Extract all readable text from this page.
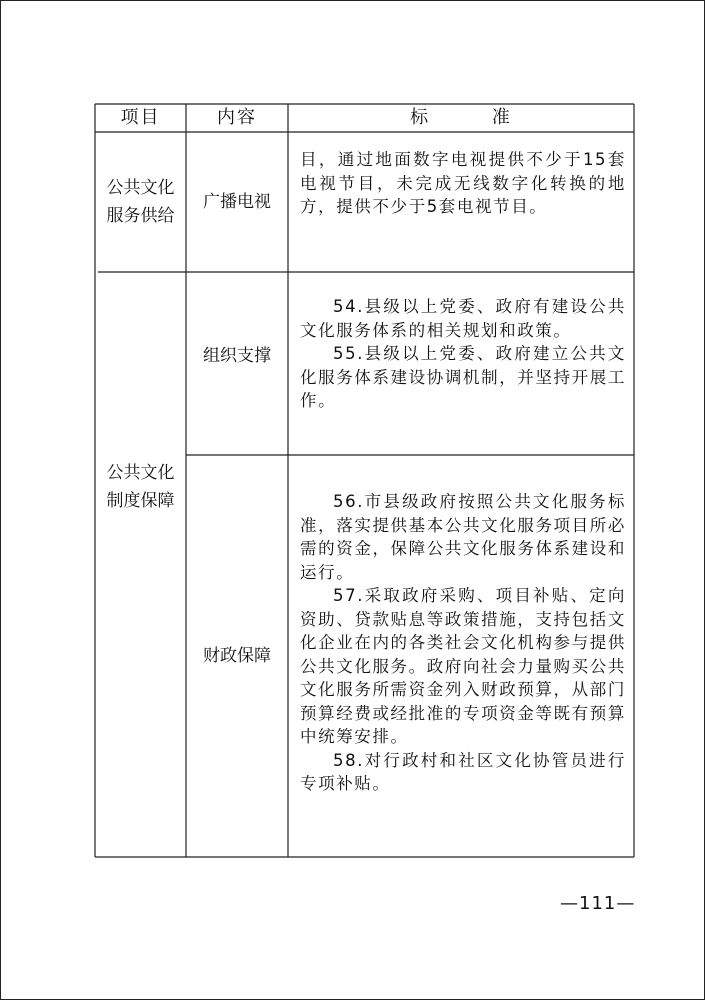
项目	内容	标        准
公共文化
服务供给
广播电视

目，通过地面数字电视提供不少于15套电视节目，未完成无线数字化转换的地方，提供不少于5套电视节目。

公共文化
制度保障
组织支撑

54.县级以上党委、政府有建设公共文化服务体系的相关规划和政策。

55.县级以上党委、政府建立公共文化服务体系建设协调机制，并坚持开展工作。

财政保障

56.市县级政府按照公共文化服务标准，落实提供基本公共文化服务项目所必需的资金，保障公共文化服务体系建设和运行。

57.采取政府采购、项目补贴、定向资助、贷款贴息等政策措施，支持包括文化企业在内的各类社会文化机构参与提供公共文化服务。政府向社会力量购买公共文化服务所需资金列入财政预算，从部门预算经费或经批准的专项资金等既有预算中统筹安排。

58.对行政村和社区文化协管员进行专项补贴。

—111—
